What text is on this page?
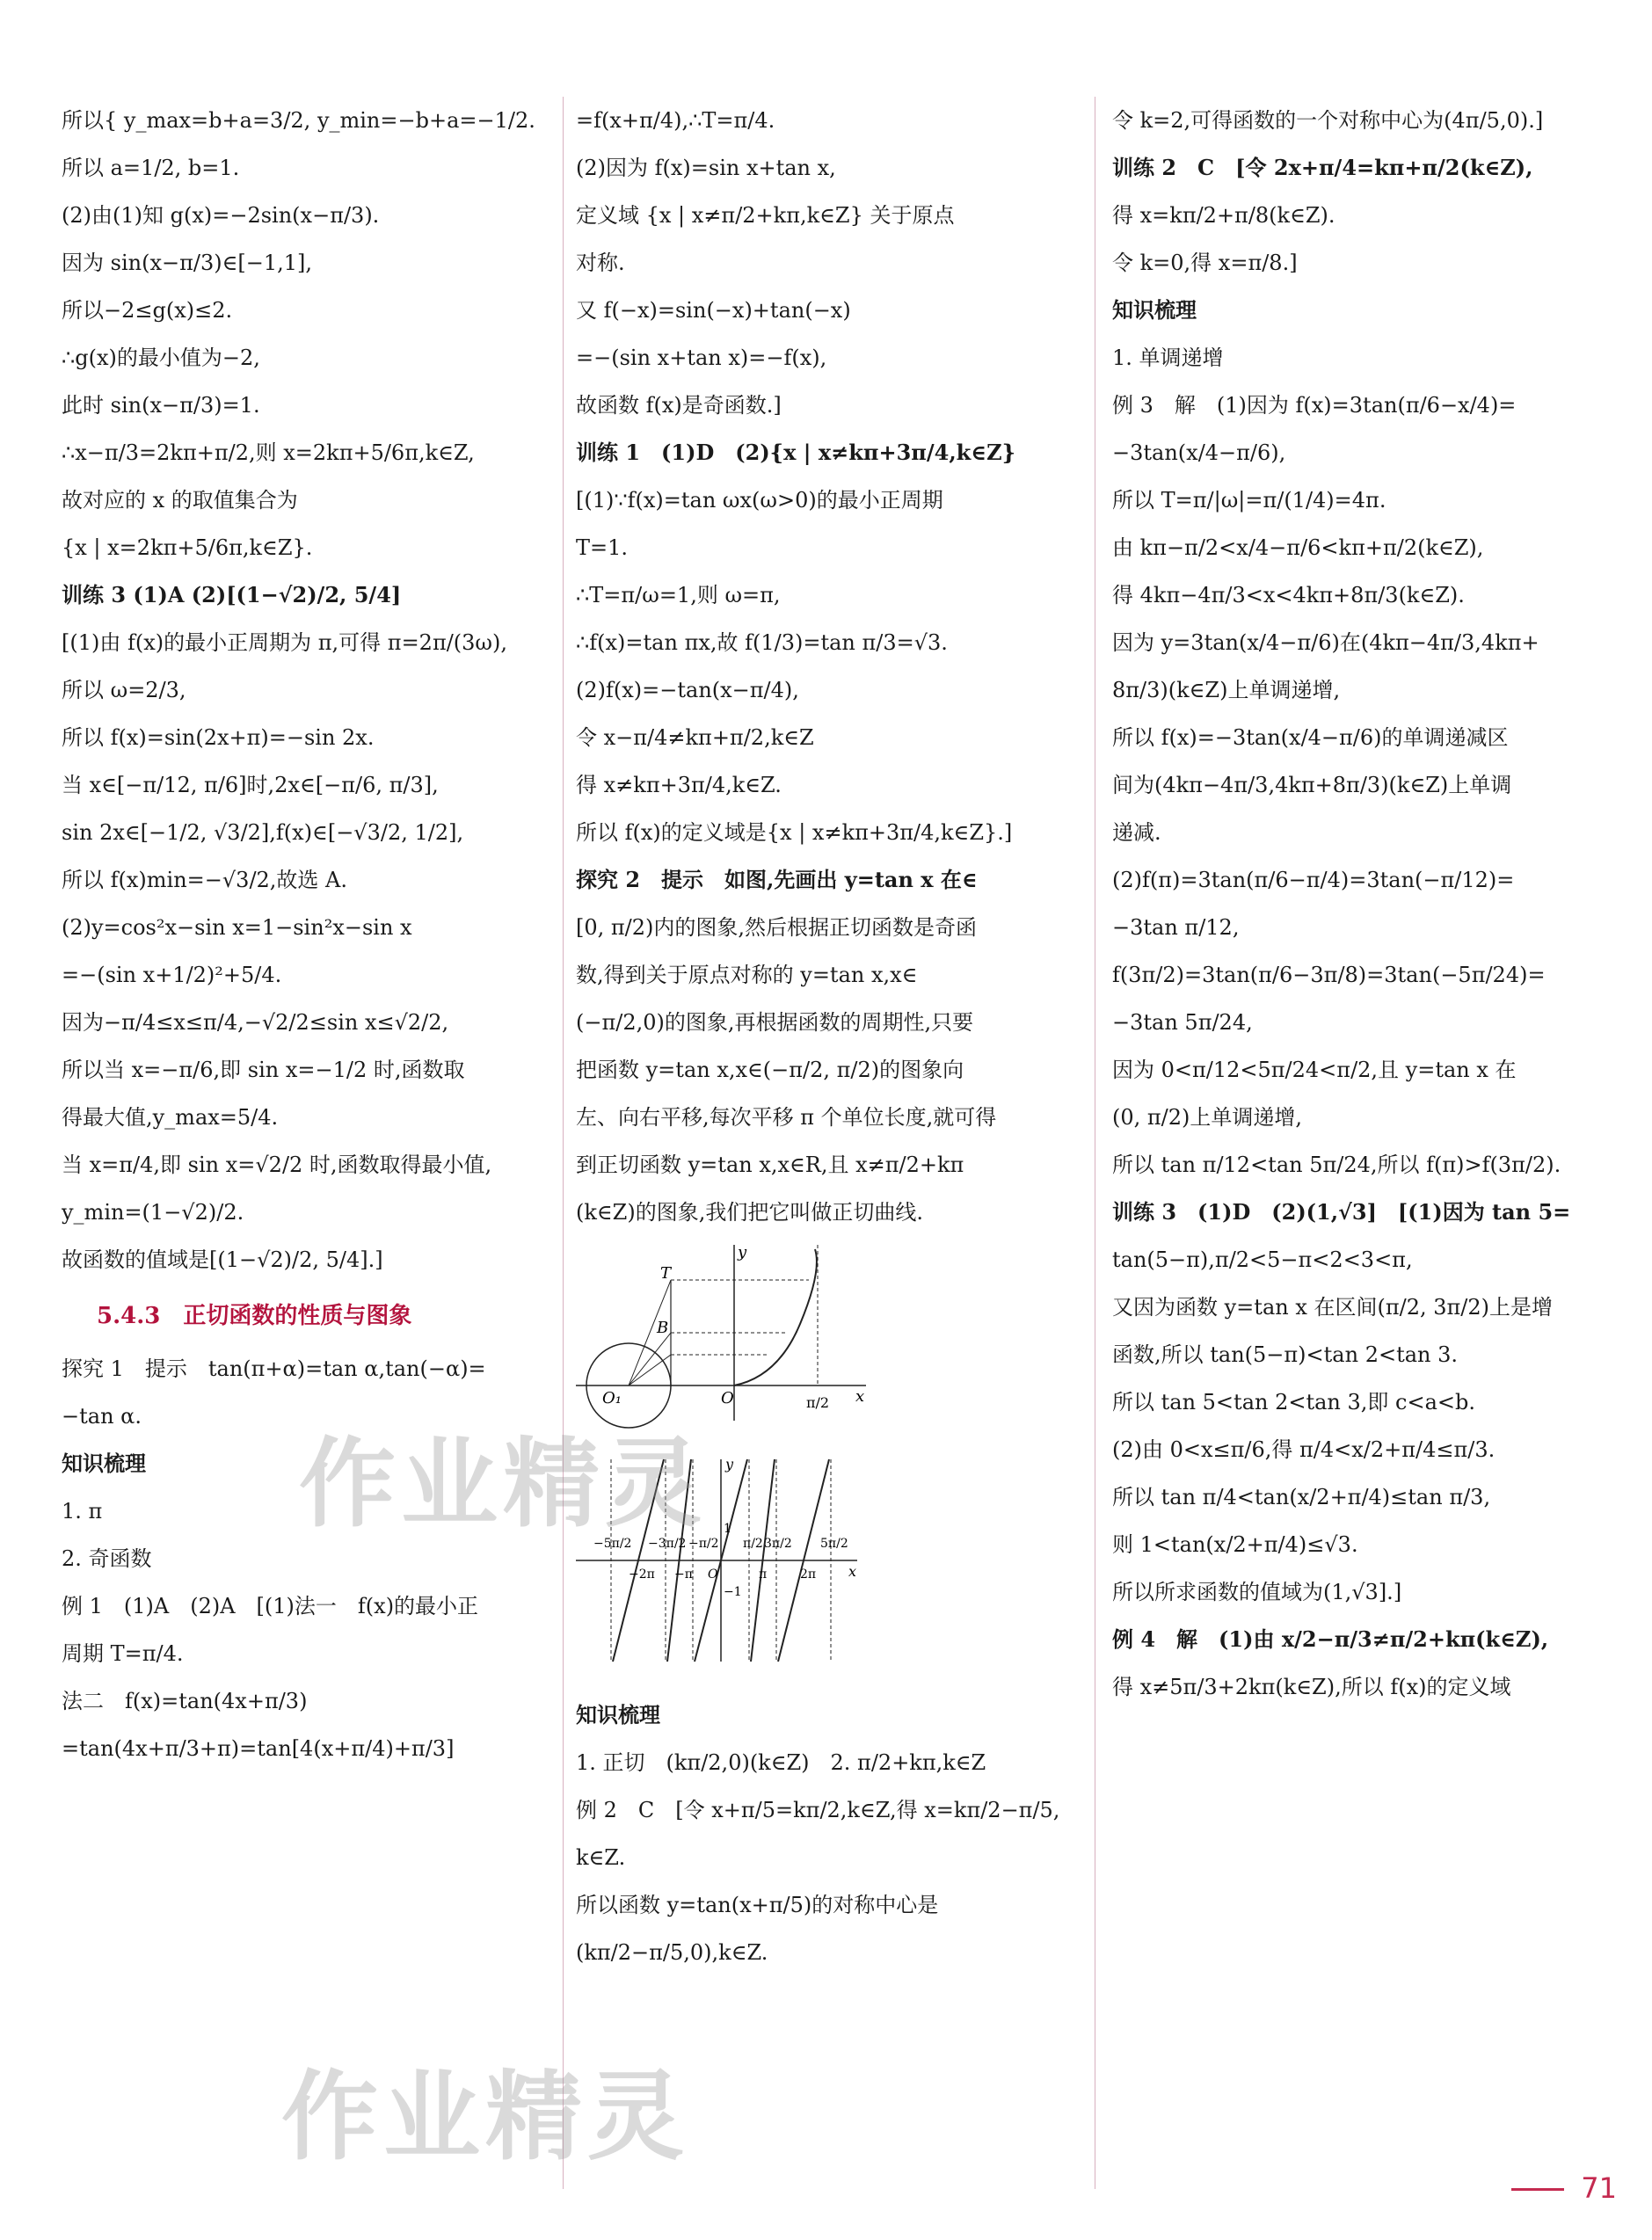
所以{ y_max=b+a=3/2, y_min=−b+a=−1/2.
所以 a=1/2, b=1.
(2)由(1)知 g(x)=−2sin(x−π/3).
因为 sin(x−π/3)∈[−1,1],
所以−2≤g(x)≤2.
∴g(x)的最小值为−2,
此时 sin(x−π/3)=1.
∴x−π/3=2kπ+π/2,则 x=2kπ+5/6π,k∈Z,
故对应的 x 的取值集合为
{x | x=2kπ+5/6π,k∈Z}.
训练 3 (1)A (2)[(1−√2)/2, 5/4]
[(1)由 f(x)的最小正周期为 π,可得 π=2π/(3ω),
所以 ω=2/3,
所以 f(x)=sin(2x+π)=−sin 2x.
当 x∈[−π/12, π/6]时,2x∈[−π/6, π/3],
sin 2x∈[−1/2, √3/2],f(x)∈[−√3/2, 1/2],
所以 f(x)min=−√3/2,故选 A.
(2)y=cos²x−sin x=1−sin²x−sin x
=−(sin x+1/2)²+5/4.
因为−π/4≤x≤π/4,−√2/2≤sin x≤√2/2,
所以当 x=−π/6,即 sin x=−1/2 时,函数取
得最大值,y_max=5/4.
当 x=π/4,即 sin x=√2/2 时,函数取得最小值,
y_min=(1−√2)/2.
故函数的值域是[(1−√2)/2, 5/4].]
5.4.3　正切函数的性质与图象
探究 1　提示　tan(π+α)=tan α,tan(−α)=
−tan α.
知识梳理
1. π
2. 奇函数
例 1　(1)A　(2)A　[(1)法一　f(x)的最小正
周期 T=π/4.
法二　f(x)=tan(4x+π/3)
=tan(4x+π/3+π)=tan[4(x+π/4)+π/3]
=f(x+π/4),∴T=π/4.
(2)因为 f(x)=sin x+tan x,
定义域 {x | x≠π/2+kπ,k∈Z} 关于原点
对称.
又 f(−x)=sin(−x)+tan(−x)
=−(sin x+tan x)=−f(x),
故函数 f(x)是奇函数.]
训练 1　(1)D　(2){x | x≠kπ+3π/4,k∈Z}
[(1)∵f(x)=tan ωx(ω>0)的最小正周期
T=1.
∴T=π/ω=1,则 ω=π,
∴f(x)=tan πx,故 f(1/3)=tan π/3=√3.
(2)f(x)=−tan(x−π/4),
令 x−π/4≠kπ+π/2,k∈Z
得 x≠kπ+3π/4,k∈Z.
所以 f(x)的定义域是{x | x≠kπ+3π/4,k∈Z}.]
探究 2　提示　如图,先画出 y=tan x 在∈
[0, π/2)内的图象,然后根据正切函数是奇函
数,得到关于原点对称的 y=tan x,x∈
(−π/2,0)的图象,再根据函数的周期性,只要
把函数 y=tan x,x∈(−π/2, π/2)的图象向
左、向右平移,每次平移 π 个单位长度,就可得
到正切函数 y=tan x,x∈R,且 x≠π/2+kπ
(k∈Z)的图象,我们把它叫做正切曲线.
T
B
O₁	O
y
x
π/2
y
x
−5π/2 −3π/2 −π/2 π/2 3π/2 5π/2
−2π −π O	π	2π
1
−1
知识梳理
1. 正切　(kπ/2,0)(k∈Z)　2. π/2+kπ,k∈Z
例 2　C　[令 x+π/5=kπ/2,k∈Z,得 x=kπ/2−π/5,
k∈Z.
所以函数 y=tan(x+π/5)的对称中心是
(kπ/2−π/5,0),k∈Z.
令 k=2,可得函数的一个对称中心为(4π/5,0).]
训练 2　C　[令 2x+π/4=kπ+π/2(k∈Z),
得 x=kπ/2+π/8(k∈Z).
令 k=0,得 x=π/8.]
知识梳理
1. 单调递增
例 3　解　(1)因为 f(x)=3tan(π/6−x/4)=
−3tan(x/4−π/6),
所以 T=π/|ω|=π/(1/4)=4π.
由 kπ−π/2<x/4−π/6<kπ+π/2(k∈Z),
得 4kπ−4π/3<x<4kπ+8π/3(k∈Z).
因为 y=3tan(x/4−π/6)在(4kπ−4π/3,4kπ+
8π/3)(k∈Z)上单调递增,
所以 f(x)=−3tan(x/4−π/6)的单调递减区
间为(4kπ−4π/3,4kπ+8π/3)(k∈Z)上单调
递减.
(2)f(π)=3tan(π/6−π/4)=3tan(−π/12)=
−3tan π/12,
f(3π/2)=3tan(π/6−3π/8)=3tan(−5π/24)=
−3tan 5π/24,
因为 0<π/12<5π/24<π/2,且 y=tan x 在
(0, π/2)上单调递增,
所以 tan π/12<tan 5π/24,所以 f(π)>f(3π/2).
训练 3　(1)D　(2)(1,√3]　[(1)因为 tan 5=
tan(5−π),π/2<5−π<2<3<π,
又因为函数 y=tan x 在区间(π/2, 3π/2)上是增
函数,所以 tan(5−π)<tan 2<tan 3.
所以 tan 5<tan 2<tan 3,即 c<a<b.
(2)由 0<x≤π/6,得 π/4<x/2+π/4≤π/3.
所以 tan π/4<tan(x/2+π/4)≤tan π/3,
则 1<tan(x/2+π/4)≤√3.
所以所求函数的值域为(1,√3].]
例 4　解　(1)由 x/2−π/3≠π/2+kπ(k∈Z),
得 x≠5π/3+2kπ(k∈Z),所以 f(x)的定义域
作业精灵
作业精灵
71
